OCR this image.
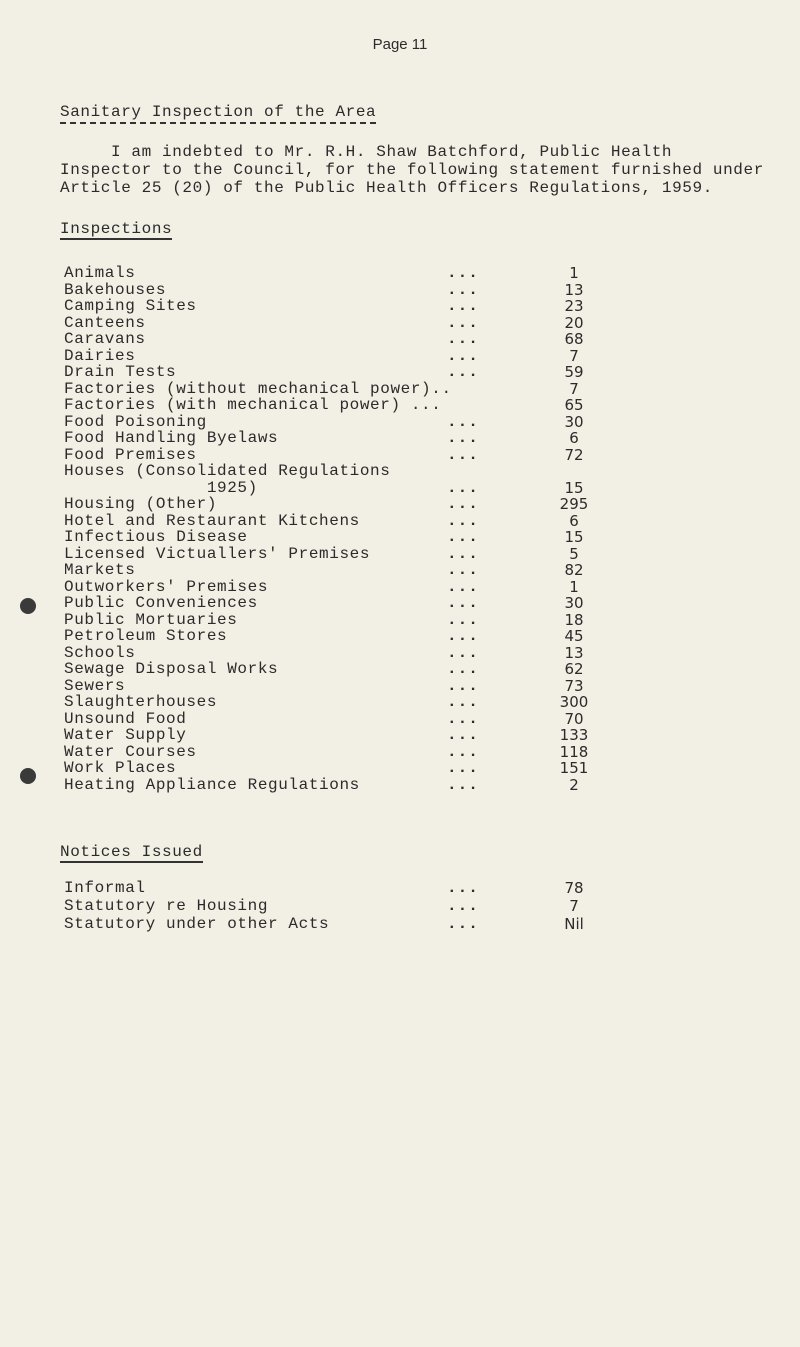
Page 11
Sanitary Inspection of the Area
I am indebted to Mr. R.H. Shaw Batchford, Public Health
Inspector to the Council, for the following statement furnished under
Article 25 (20) of the Public Health Officers Regulations, 1959.
Inspections
Animals	...	1
Bakehouses	...	13
Camping Sites	...	23
Canteens	...	20
Caravans	...	68
Dairies	...	7
Drain Tests	...	59
Factories (without mechanical power)..	7
Factories (with mechanical power) ...	65
Food Poisoning	...	30
Food Handling Byelaws	...	6
Food Premises	...	72
Houses (Consolidated Regulations
1925)	...	15
Housing (Other)	...	295
Hotel and Restaurant Kitchens	...	6
Infectious Disease	...	15
Licensed Victuallers' Premises	...	5
Markets	...	82
Outworkers' Premises	...	1
Public Conveniences	...	30
Public Mortuaries	...	18
Petroleum Stores	...	45
Schools	...	13
Sewage Disposal Works	...	62
Sewers	...	73
Slaughterhouses	...	300
Unsound Food	...	70
Water Supply	...	133
Water Courses	...	118
Work Places	...	151
Heating Appliance Regulations	...	2
Notices Issued
Informal	...	78
Statutory re Housing	...	7
Statutory under other Acts	...	Nil
